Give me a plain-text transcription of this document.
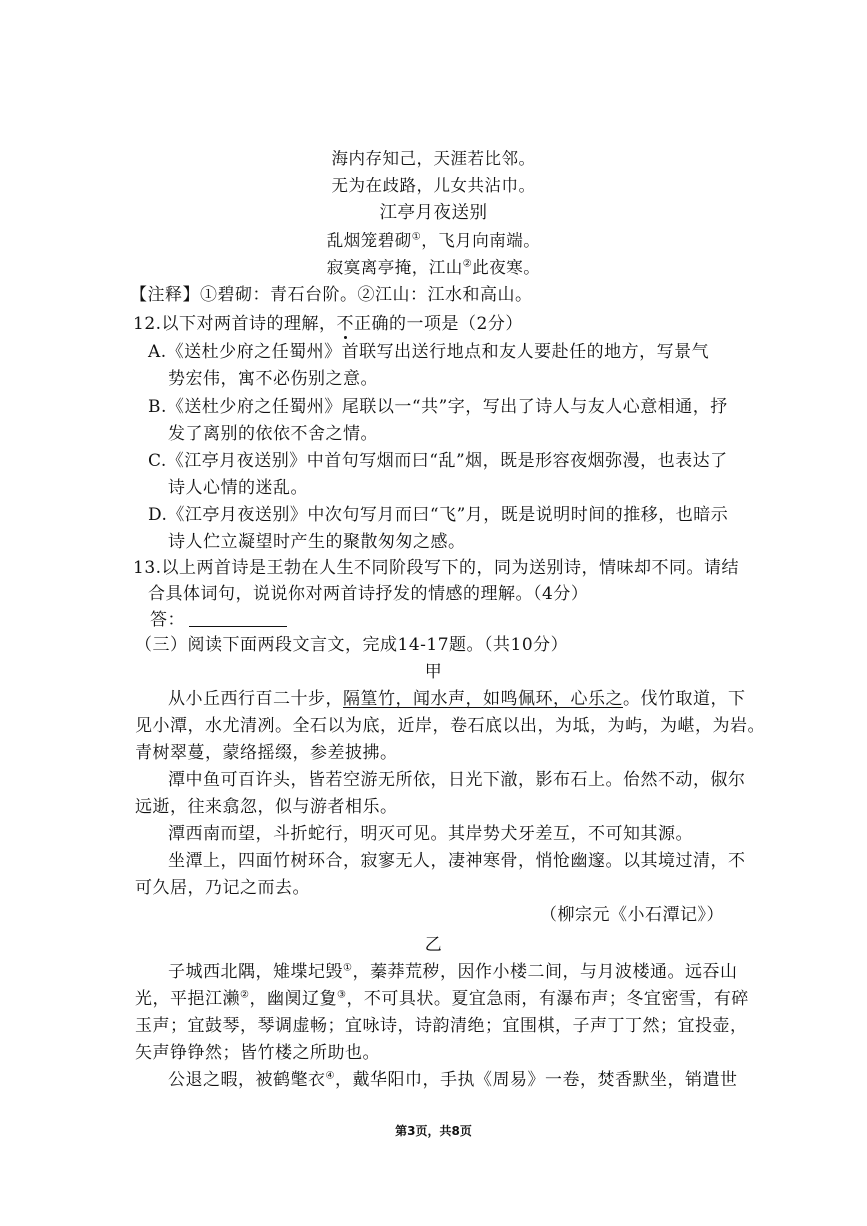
海内存知己，天涯若比邻。
无为在歧路，儿女共沾巾。
江亭月夜送别
乱烟笼碧砌①，飞月向南端。
寂寞离亭掩，江山②此夜寒。
【注释】①碧砌：青石台阶。②江山：江水和高山。
12.以下对两首诗的理解，不正确的一项是（2分）
A.《送杜少府之任蜀州》首联写出送行地点和友人要赴任的地方，写景气
势宏伟，寓不必伤别之意。
B.《送杜少府之任蜀州》尾联以一“共”字，写出了诗人与友人心意相通，抒
发了离别的依依不舍之情。
C.《江亭月夜送别》中首句写烟而曰“乱”烟，既是形容夜烟弥漫，也表达了
诗人心情的迷乱。
D.《江亭月夜送别》中次句写月而曰“飞”月，既是说明时间的推移，也暗示
诗人伫立凝望时产生的聚散匆匆之感。
13.以上两首诗是王勃在人生不同阶段写下的，同为送别诗，情味却不同。请结
合具体词句，说说你对两首诗抒发的情感的理解。（4分）
答：
（三）阅读下面两段文言文，完成14-17题。（共10分）
甲
从小丘西行百二十步，隔篁竹，闻水声，如鸣佩环，心乐之。伐竹取道，下
见小潭，水尤清冽。全石以为底，近岸，卷石底以出，为坻，为屿，为嵁，为岩。
青树翠蔓，蒙络摇缀，参差披拂。
潭中鱼可百许头，皆若空游无所依，日光下澈，影布石上。佁然不动，俶尔
远逝，往来翕忽，似与游者相乐。
潭西南而望，斗折蛇行，明灭可见。其岸势犬牙差互，不可知其源。
坐潭上，四面竹树环合，寂寥无人，凄神寒骨，悄怆幽邃。以其境过清，不
可久居，乃记之而去。
（柳宗元《小石潭记》）
乙
子城西北隅，雉堞圮毁①，蓁莽荒秽，因作小楼二间，与月波楼通。远吞山
光，平挹江濑②，幽阒辽夐③，不可具状。夏宜急雨，有瀑布声；冬宜密雪，有碎
玉声；宜鼓琴，琴调虚畅；宜咏诗，诗韵清绝；宜围棋，子声丁丁然；宜投壶，
矢声铮铮然；皆竹楼之所助也。
公退之暇，被鹤氅衣④，戴华阳巾，手执《周易》一卷，焚香默坐，销遣世
第3页，共8页
